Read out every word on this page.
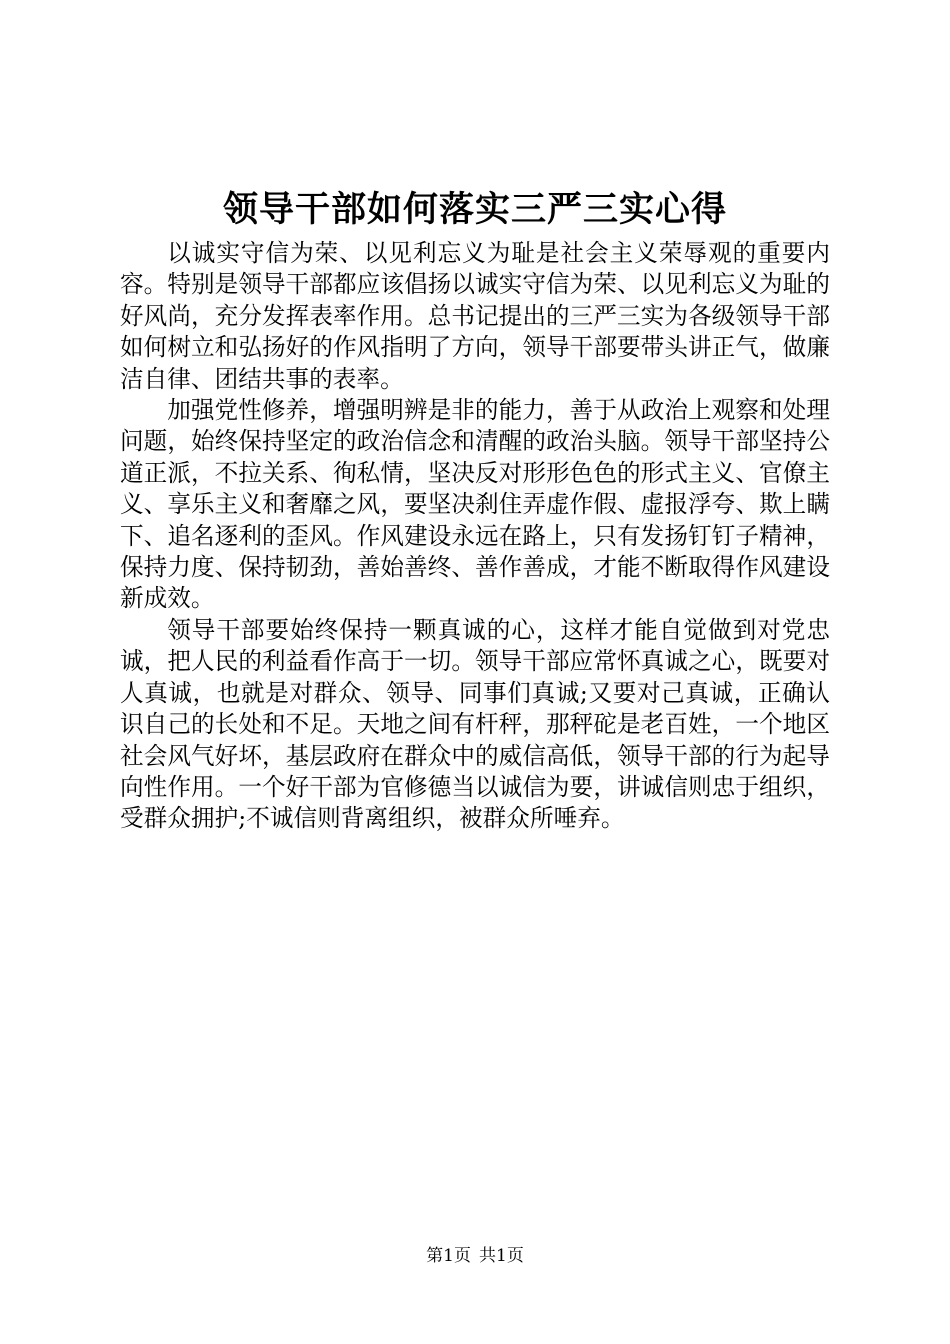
领导干部如何落实三严三实心得

以诚实守信为荣、以见利忘义为耻是社会主义荣辱观的重要内容。特别是领导干部都应该倡扬以诚实守信为荣、以见利忘义为耻的好风尚，充分发挥表率作用。总书记提出的三严三实为各级领导干部如何树立和弘扬好的作风指明了方向，领导干部要带头讲正气，做廉洁自律、团结共事的表率。

加强党性修养，增强明辨是非的能力，善于从政治上观察和处理问题，始终保持坚定的政治信念和清醒的政治头脑。领导干部坚持公道正派，不拉关系、徇私情，坚决反对形形色色的形式主义、官僚主义、享乐主义和奢靡之风，要坚决刹住弄虚作假、虚报浮夸、欺上瞒下、追名逐利的歪风。作风建设永远在路上，只有发扬钉钉子精神，保持力度、保持韧劲，善始善终、善作善成，才能不断取得作风建设新成效。

领导干部要始终保持一颗真诚的心，这样才能自觉做到对党忠诚，把人民的利益看作高于一切。领导干部应常怀真诚之心，既要对人真诚，也就是对群众、领导、同事们真诚;又要对己真诚，正确认识自己的长处和不足。天地之间有杆秤，那秤砣是老百姓，一个地区社会风气好坏，基层政府在群众中的威信高低，领导干部的行为起导向性作用。一个好干部为官修德当以诚信为要，讲诚信则忠于组织，受群众拥护;不诚信则背离组织，被群众所唾弃。

第1页 共1页
